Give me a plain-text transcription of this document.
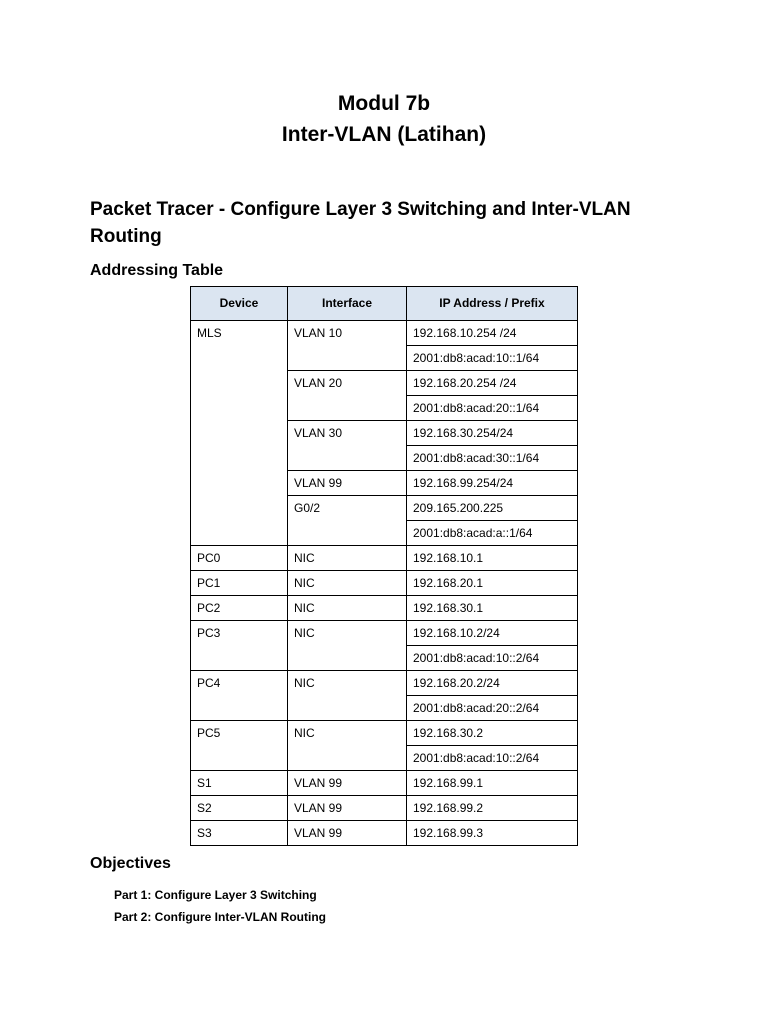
Modul 7b
Inter-VLAN (Latihan)
Packet Tracer - Configure Layer 3 Switching and Inter-VLAN Routing
Addressing Table
Device	Interface	IP Address / Prefix
MLS	VLAN 10	192.168.10.254 /24
		2001:db8:acad:10::1/64
	VLAN 20	192.168.20.254 /24
		2001:db8:acad:20::1/64
	VLAN 30	192.168.30.254/24
		2001:db8:acad:30::1/64
	VLAN 99	192.168.99.254/24
	G0/2	209.165.200.225
		2001:db8:acad:a::1/64
PC0	NIC	192.168.10.1
PC1	NIC	192.168.20.1
PC2	NIC	192.168.30.1
PC3	NIC	192.168.10.2/24
		2001:db8:acad:10::2/64
PC4	NIC	192.168.20.2/24
		2001:db8:acad:20::2/64
PC5	NIC	192.168.30.2
		2001:db8:acad:10::2/64
S1	VLAN 99	192.168.99.1
S2	VLAN 99	192.168.99.2
S3	VLAN 99	192.168.99.3
Objectives
Part 1: Configure Layer 3 Switching
Part 2: Configure Inter-VLAN Routing
